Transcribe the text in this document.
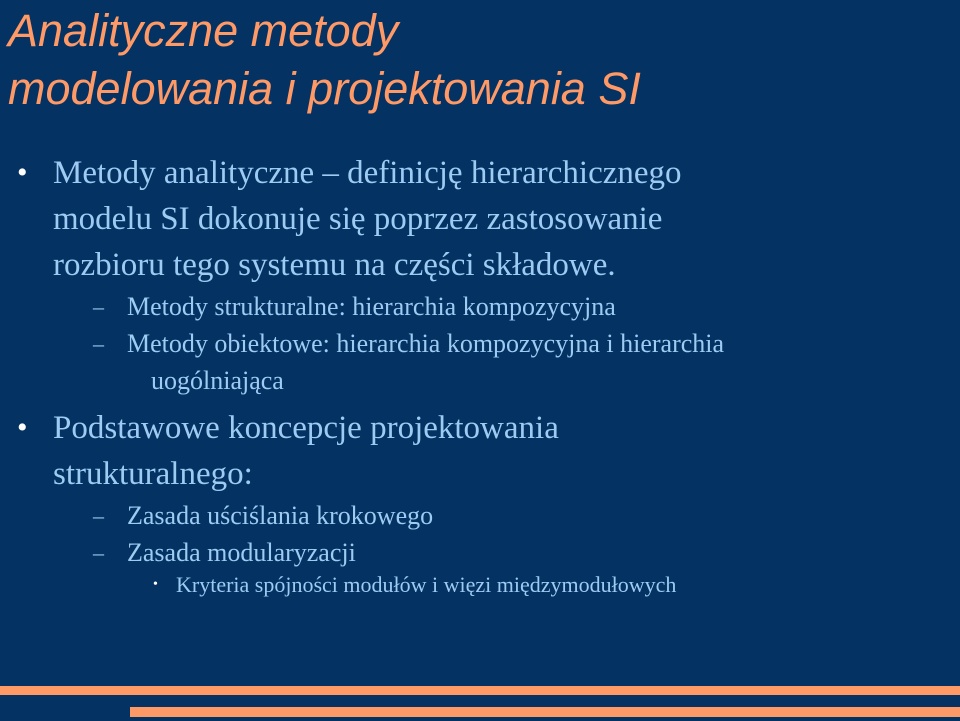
Analityczne metody
modelowania i projektowania SI
• Metody analityczne – definicję hierarchicznego
modelu SI dokonuje się poprzez zastosowanie
rozbioru tego systemu na części składowe.
– Metody strukturalne: hierarchia kompozycyjna
– Metody obiektowe: hierarchia kompozycyjna i hierarchia
uogólniająca
• Podstawowe koncepcje projektowania
strukturalnego:
– Zasada uściślania krokowego
– Zasada modularyzacji
• Kryteria spójności modułów i więzi międzymodułowych
